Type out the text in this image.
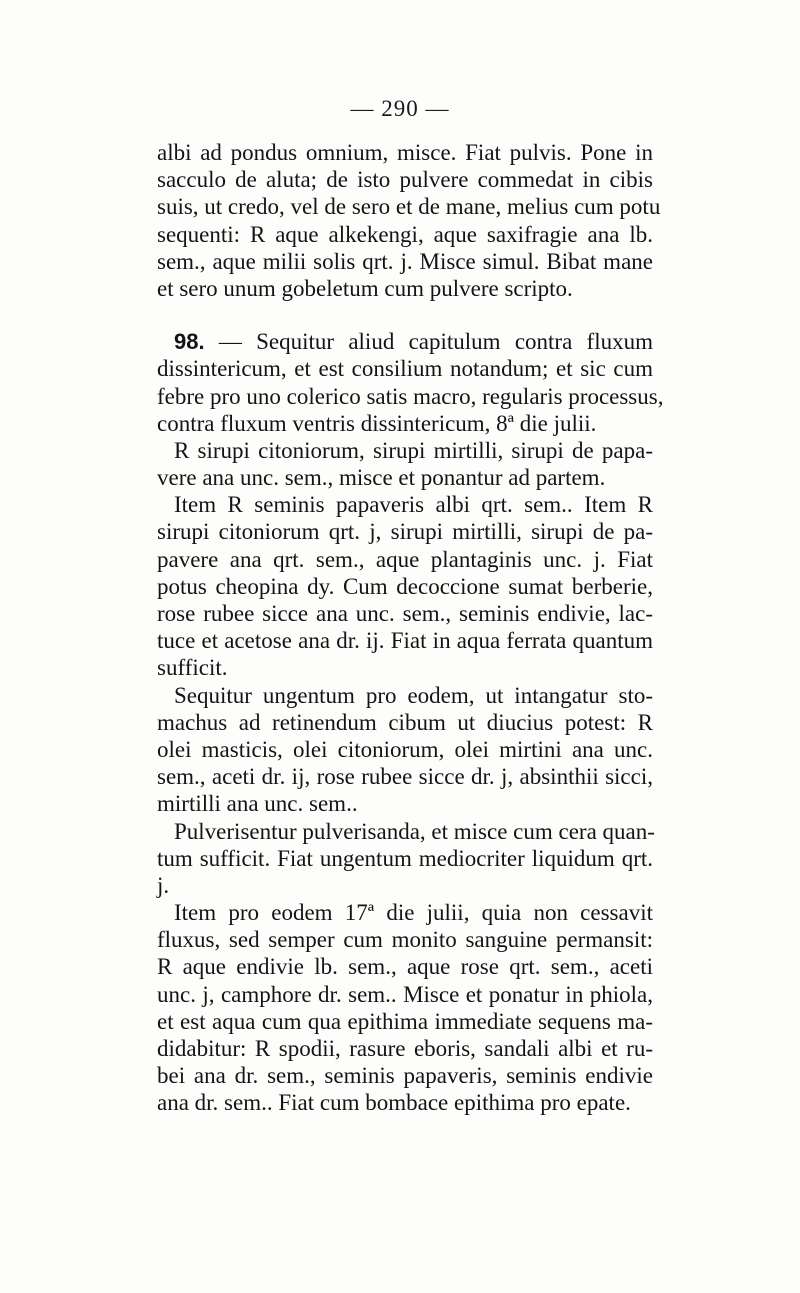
— 290 —
albi ad pondus omnium, misce. Fiat pulvis. Pone in
sacculo de aluta; de isto pulvere commedat in cibis
suis, ut credo, vel de sero et de mane, melius cum potu
sequenti: R aque alkekengi, aque saxifragie ana lb.
sem., aque milii solis qrt. j. Misce simul. Bibat mane
et sero unum gobeletum cum pulvere scripto.
98. — Sequitur aliud capitulum contra fluxum
dissintericum, et est consilium notandum; et sic cum
febre pro uno colerico satis macro, regularis processus,
contra fluxum ventris dissintericum, 8ª die julii.
R sirupi citoniorum, sirupi mirtilli, sirupi de papa-
vere ana unc. sem., misce et ponantur ad partem.
Item R seminis papaveris albi qrt. sem.. Item R
sirupi citoniorum qrt. j, sirupi mirtilli, sirupi de pa-
pavere ana qrt. sem., aque plantaginis unc. j. Fiat
potus cheopina dy. Cum decoccione sumat berberie,
rose rubee sicce ana unc. sem., seminis endivie, lac-
tuce et acetose ana dr. ij. Fiat in aqua ferrata quantum
sufficit.
Sequitur ungentum pro eodem, ut intangatur sto-
machus ad retinendum cibum ut diucius potest: R
olei masticis, olei citoniorum, olei mirtini ana unc.
sem., aceti dr. ij, rose rubee sicce dr. j, absinthii sicci,
mirtilli ana unc. sem..
Pulverisentur pulverisanda, et misce cum cera quan-
tum sufficit. Fiat ungentum mediocriter liquidum qrt.
j.
Item pro eodem 17ª die julii, quia non cessavit
fluxus, sed semper cum monito sanguine permansit:
R aque endivie lb. sem., aque rose qrt. sem., aceti
unc. j, camphore dr. sem.. Misce et ponatur in phiola,
et est aqua cum qua epithima immediate sequens ma-
didabitur: R spodii, rasure eboris, sandali albi et ru-
bei ana dr. sem., seminis papaveris, seminis endivie
ana dr. sem.. Fiat cum bombace epithima pro epate.
